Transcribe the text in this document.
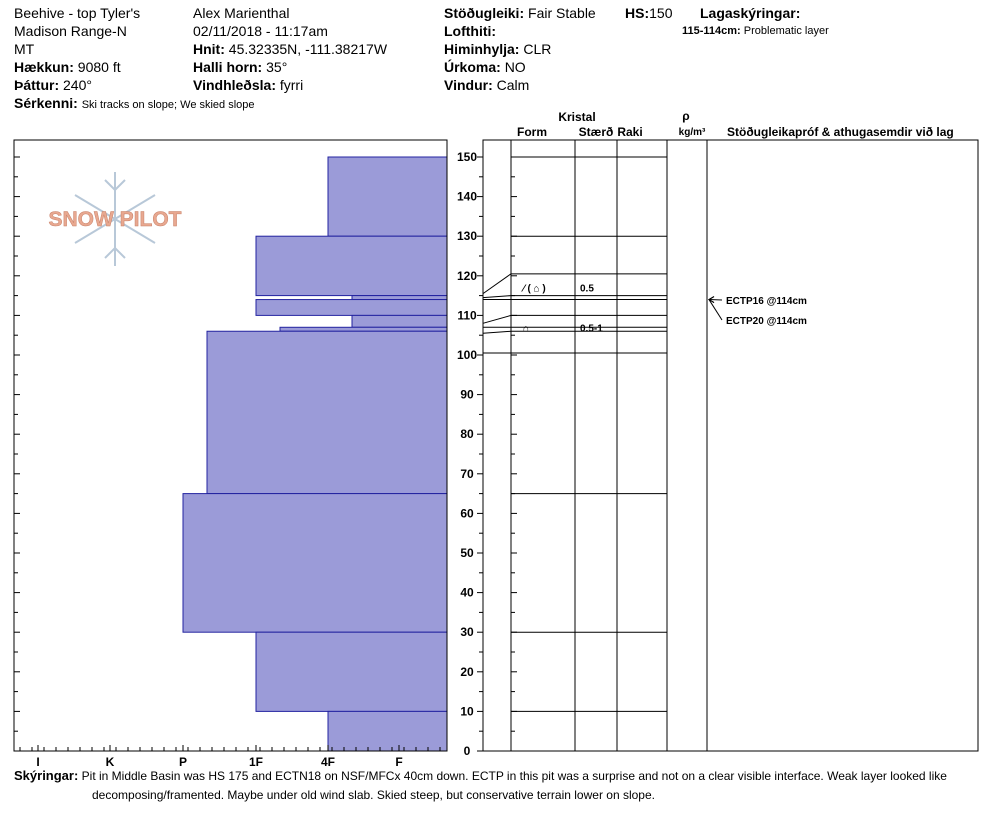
Beehive - top Tyler's
Madison Range-N
MT
Hækkun: 9080 ft
Þáttur: 240°
Sérkenni: Ski tracks on slope; We skied slope
Alex Marienthal
02/11/2018 - 11:17am
Hnit: 45.32335N, -111.38217W
Halli horn: 35°
Vindhleðsla: fyrri
Stöðugleiki: Fair Stable HS:150
Lofthiti:
Himinhylja: CLR
Úrkoma: NO
Vindur: Calm
Lagaskýringar:
115-114cm: Problematic layer
SNOW PILOT
I	K	P	1F	4F	F
0
10
20
30
40
50
60
70
80
90
100
110
120
130
140
150
⁄ ( ⌂ )	0.5
⌂	0.5-1
ECTP16 @114cm
ECTP20 @114cm
Kristal
Form	Stærð Raki
ρ
kg/m³ Stöðugleikapróf & athugasemdir við lag
Skýringar: Pit in Middle Basin was HS 175 and ECTN18 on NSF/MFCx 40cm down. ECTP in this pit was a surprise and not on a clear visible interface. Weak layer looked like
decomposing/framented. Maybe under old wind slab. Skied steep, but conservative terrain lower on slope.
